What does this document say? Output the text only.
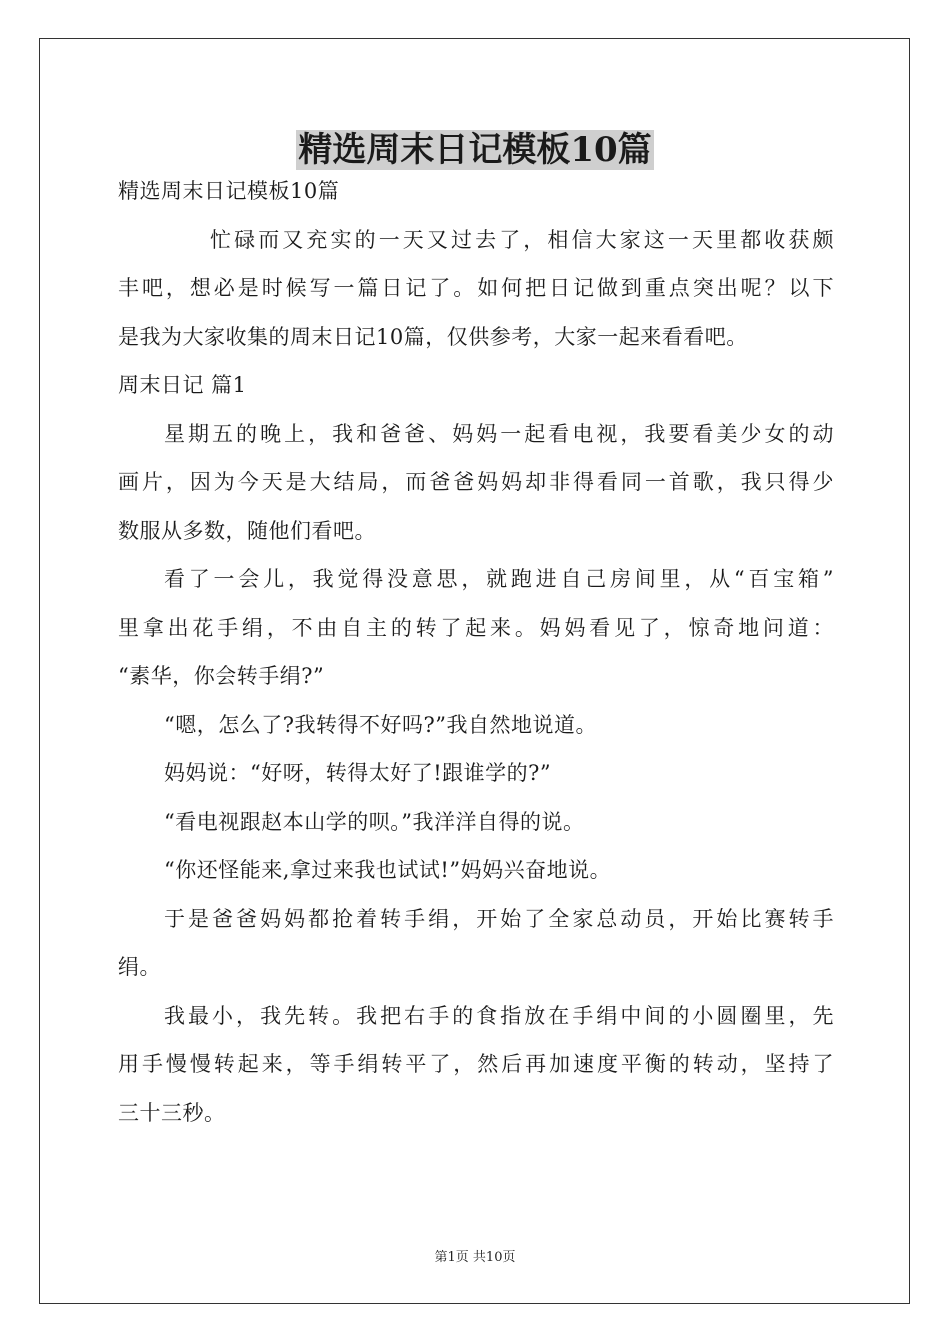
精选周末日记模板10篇
精选周末日记模板10篇
忙碌而又充实的一天又过去了，相信大家这一天里都收获颇
丰吧，想必是时候写一篇日记了。如何把日记做到重点突出呢？以下
是我为大家收集的周末日记10篇，仅供参考，大家一起来看看吧。
周末日记 篇1
星期五的晚上，我和爸爸、妈妈一起看电视，我要看美少女的动
画片，因为今天是大结局，而爸爸妈妈却非得看同一首歌，我只得少
数服从多数，随他们看吧。
看了一会儿，我觉得没意思，就跑进自己房间里，从“百宝箱”
里拿出花手绢，不由自主的转了起来。妈妈看见了，惊奇地问道：
“素华，你会转手绢?”
“嗯，怎么了?我转得不好吗?”我自然地说道。
妈妈说：“好呀，转得太好了!跟谁学的?”
“看电视跟赵本山学的呗。”我洋洋自得的说。
“你还怪能来,拿过来我也试试!”妈妈兴奋地说。
于是爸爸妈妈都抢着转手绢，开始了全家总动员，开始比赛转手
绢。
我最小，我先转。我把右手的食指放在手绢中间的小圆圈里，先
用手慢慢转起来，等手绢转平了，然后再加速度平衡的转动，坚持了
三十三秒。
第1页 共10页
